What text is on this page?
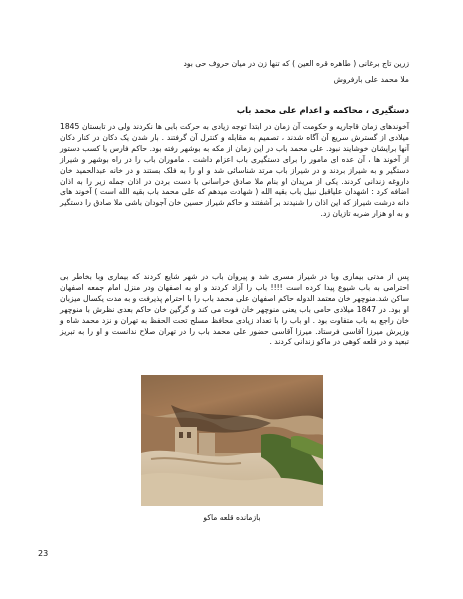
زرین تاج برغانی ( طاهره قره العین ) که تنها زن در میان حروف حی بود
ملا محمد علی بارفروش
دستگیری ، محاکمه و اعدام علی محمد باب
آخوندهای زمان قاجاریه و حکومت آن زمان در ابتدا توجه زیادی به حرکت بابی ها نکردند ولی در تابستان 1845 میلادی از گسترش سریع آن آگاه شدند ، تصمیم به مقابله و کنترل آن گرفتند . بار شدن یک دکان در کنار دکان آنها برایشان خوشایند نبود. علی محمد باب در این زمان از مکه به بوشهر رفته بود. حاکم فارس با کسب دستور از آخوند ها ، آن عده ای مامور را برای دستگیری باب اعزام داشت . ماموران باب را در راه بوشهر و شیراز دستگیر و به شیراز بردند و در شیراز باب مرتد شناسائی شد و او را به فلک بستند و در خانه عبدالحمید خان داروغه زندانی کردند. یکی از مریدان او بنام ملا صادق خراسانی با دست بردن در اذان جمله زیر را به اذان اضافه کرد : اشهدان علیاقبل نبیل باب بقیه الله ( شهادت میدهم که علی محمد باب بقیه الله است ) آخوند های دانه درشت شیراز که این اذان را شنیدند بر آشفتند و حاکم شیراز حسین خان آجودان باشی ملا صادق را دستگیر و به او هزار ضربه تازیان زد.
پس از مدتی بیماری وبا در شیراز مسری شد و پیروان باب در شهر شایع کردند که بیماری وبا بخاطر بی احترامی به باب شیوع پیدا کرده است !!!! باب را آزاد کردند و او به اصفهان ودر منزل امام جمعه اصفهان ساکن شد.منوچهر خان معتمد الدوله حاکم اصفهان علی محمد باب را با احترام پذیرفت و به مدت یکسال میزبان او بود. در 1847 میلادی حامی باب یعنی منوچهر خان فوت می کند و گرگین خان حاکم بعدی نظرش با منوچهر خان راجع به باب متفاوت بود . او باب را با تعداد زیادی محافظ مسلح تحت الحفظ به تهران و نزد محمد شاه و وزیرش میرزا آقاسی فرستاد. میرزا آقاسی حضور علی محمد باب را در تهران صلاح ندانست و او را به تبریز تبعید و در قلعه کوهی در ماکو زندانی کردند .
بازمانده قلعه ماکو
23
